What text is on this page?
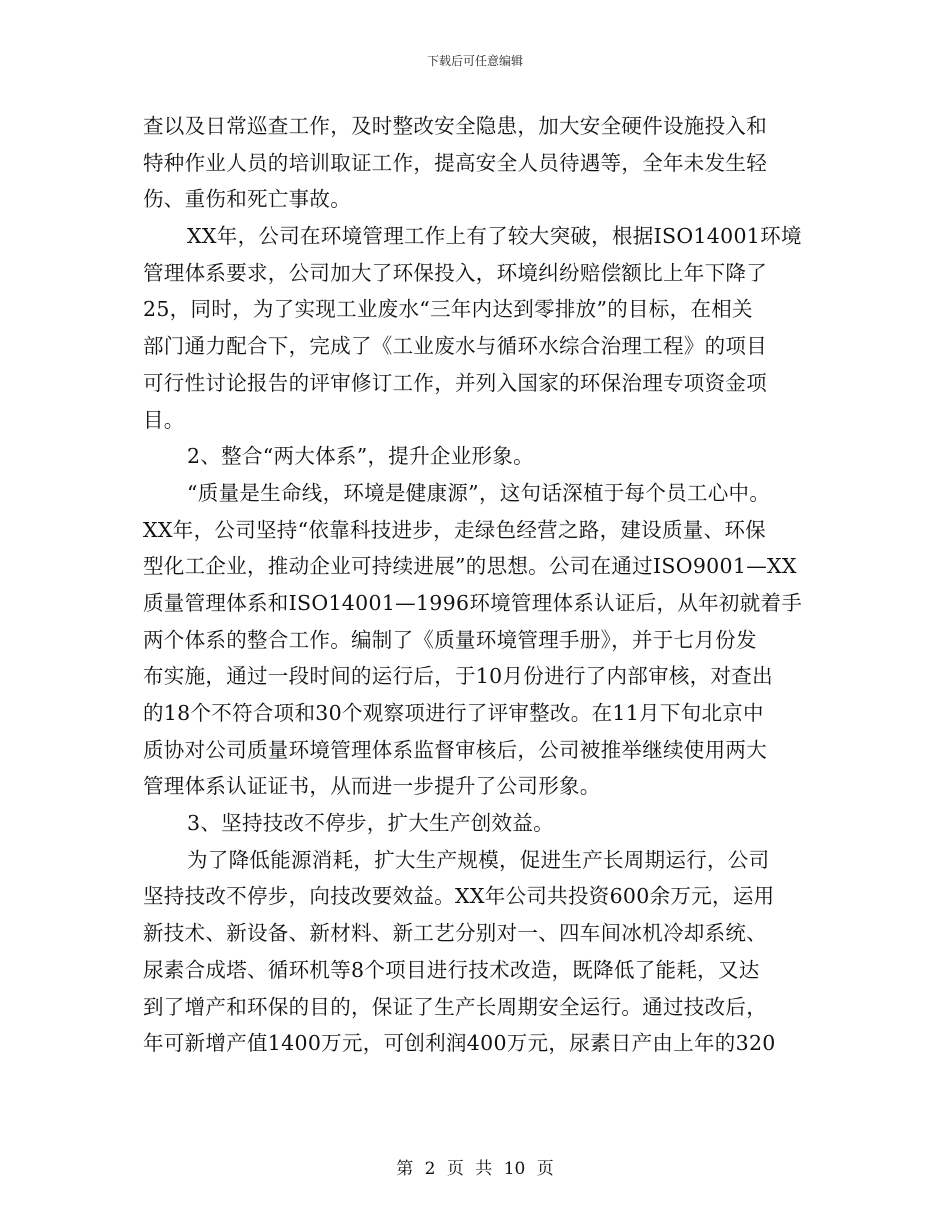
下载后可任意编辑
查以及日常巡查工作，及时整改安全隐患，加大安全硬件设施投入和
特种作业人员的培训取证工作，提高安全人员待遇等，全年未发生轻
伤、重伤和死亡事故。
XX年，公司在环境管理工作上有了较大突破，根据ISO14001环境
管理体系要求，公司加大了环保投入，环境纠纷赔偿额比上年下降了
25，同时，为了实现工业废水“三年内达到零排放”的目标，在相关
部门通力配合下，完成了《工业废水与循环水综合治理工程》的项目
可行性讨论报告的评审修订工作，并列入国家的环保治理专项资金项
目。
2、整合“两大体系”，提升企业形象。
“质量是生命线，环境是健康源”，这句话深植于每个员工心中。
XX年，公司坚持“依靠科技进步，走绿色经营之路，建设质量、环保
型化工企业，推动企业可持续进展”的思想。公司在通过ISO9001—XX
质量管理体系和ISO14001—1996环境管理体系认证后，从年初就着手
两个体系的整合工作。编制了《质量环境管理手册》，并于七月份发
布实施，通过一段时间的运行后，于10月份进行了内部审核，对查出
的18个不符合项和30个观察项进行了评审整改。在11月下旬北京中
质协对公司质量环境管理体系监督审核后，公司被推举继续使用两大
管理体系认证证书，从而进一步提升了公司形象。
3、坚持技改不停步，扩大生产创效益。
为了降低能源消耗，扩大生产规模，促进生产长周期运行，公司
坚持技改不停步，向技改要效益。XX年公司共投资600余万元，运用
新技术、新设备、新材料、新工艺分别对一、四车间冰机冷却系统、
尿素合成塔、循环机等8个项目进行技术改造，既降低了能耗，又达
到了增产和环保的目的，保证了生产长周期安全运行。通过技改后，
年可新增产值1400万元，可创利润400万元，尿素日产由上年的320
第 2 页 共 10 页
